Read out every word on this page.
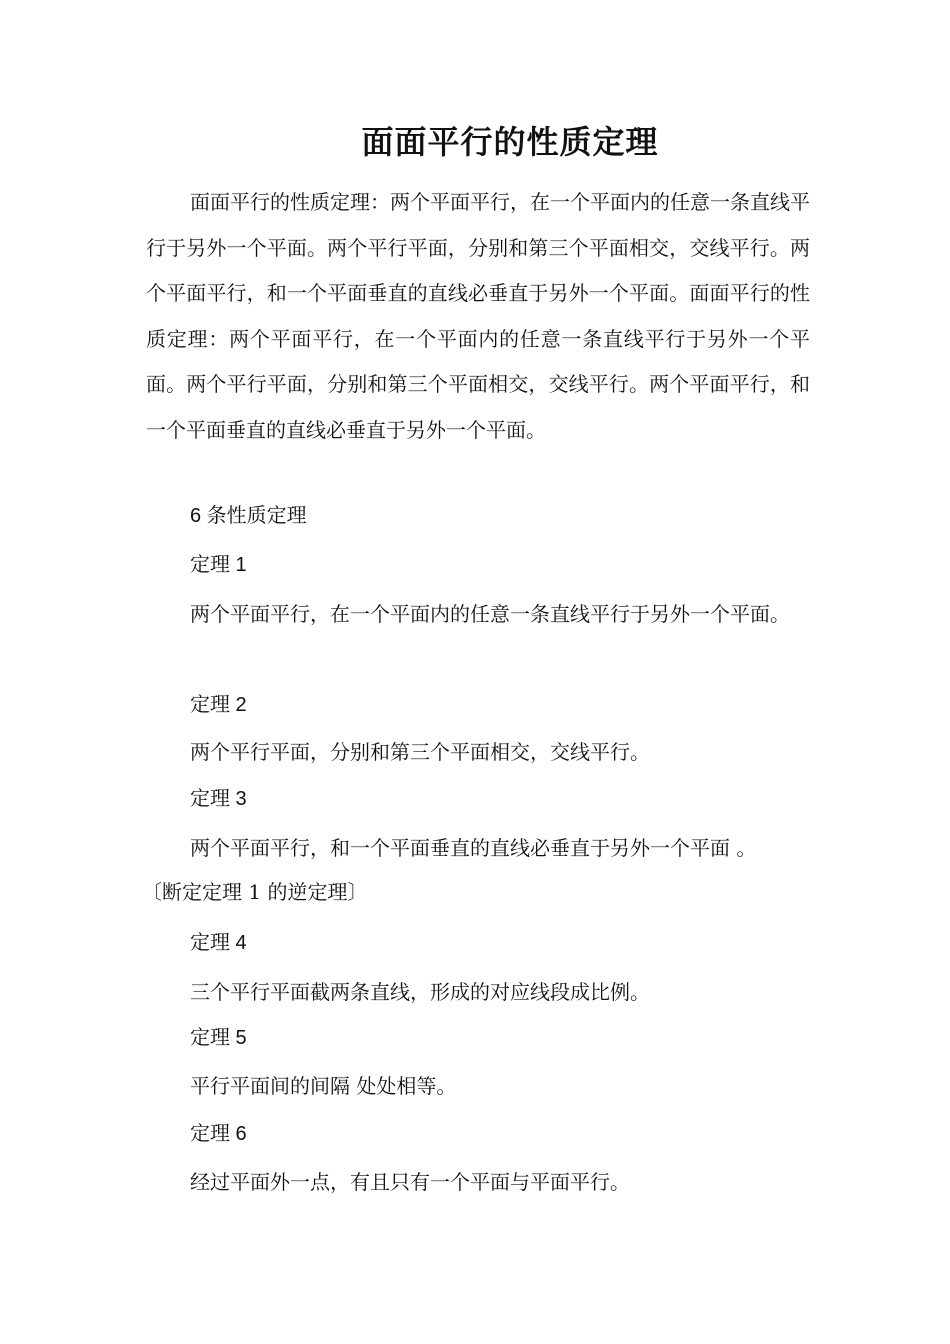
面面平行的性质定理

面面平行的性质定理：两个平面平行，在一个平面内的任意一条直线平行于另外一个平面。两个平行平面，分别和第三个平面相交，交线平行。两个平面平行，和一个平面垂直的直线必垂直于另外一个平面。面面平行的性质定理：两个平面平行，在一个平面内的任意一条直线平行于另外一个平面。两个平行平面，分别和第三个平面相交，交线平行。两个平面平行，和一个平面垂直的直线必垂直于另外一个平面。

6 条性质定理

定理 1

两个平面平行，在一个平面内的任意一条直线平行于另外一个平面。

定理 2

两个平行平面，分别和第三个平面相交，交线平行。

定理 3

两个平面平行，和一个平面垂直的直线必垂直于另外一个平面 。

〔断定定理 1 的逆定理〕

定理 4

三个平行平面截两条直线，形成的对应线段成比例。

定理 5

平行平面间的间隔 处处相等。

定理 6

经过平面外一点，有且只有一个平面与平面平行。
